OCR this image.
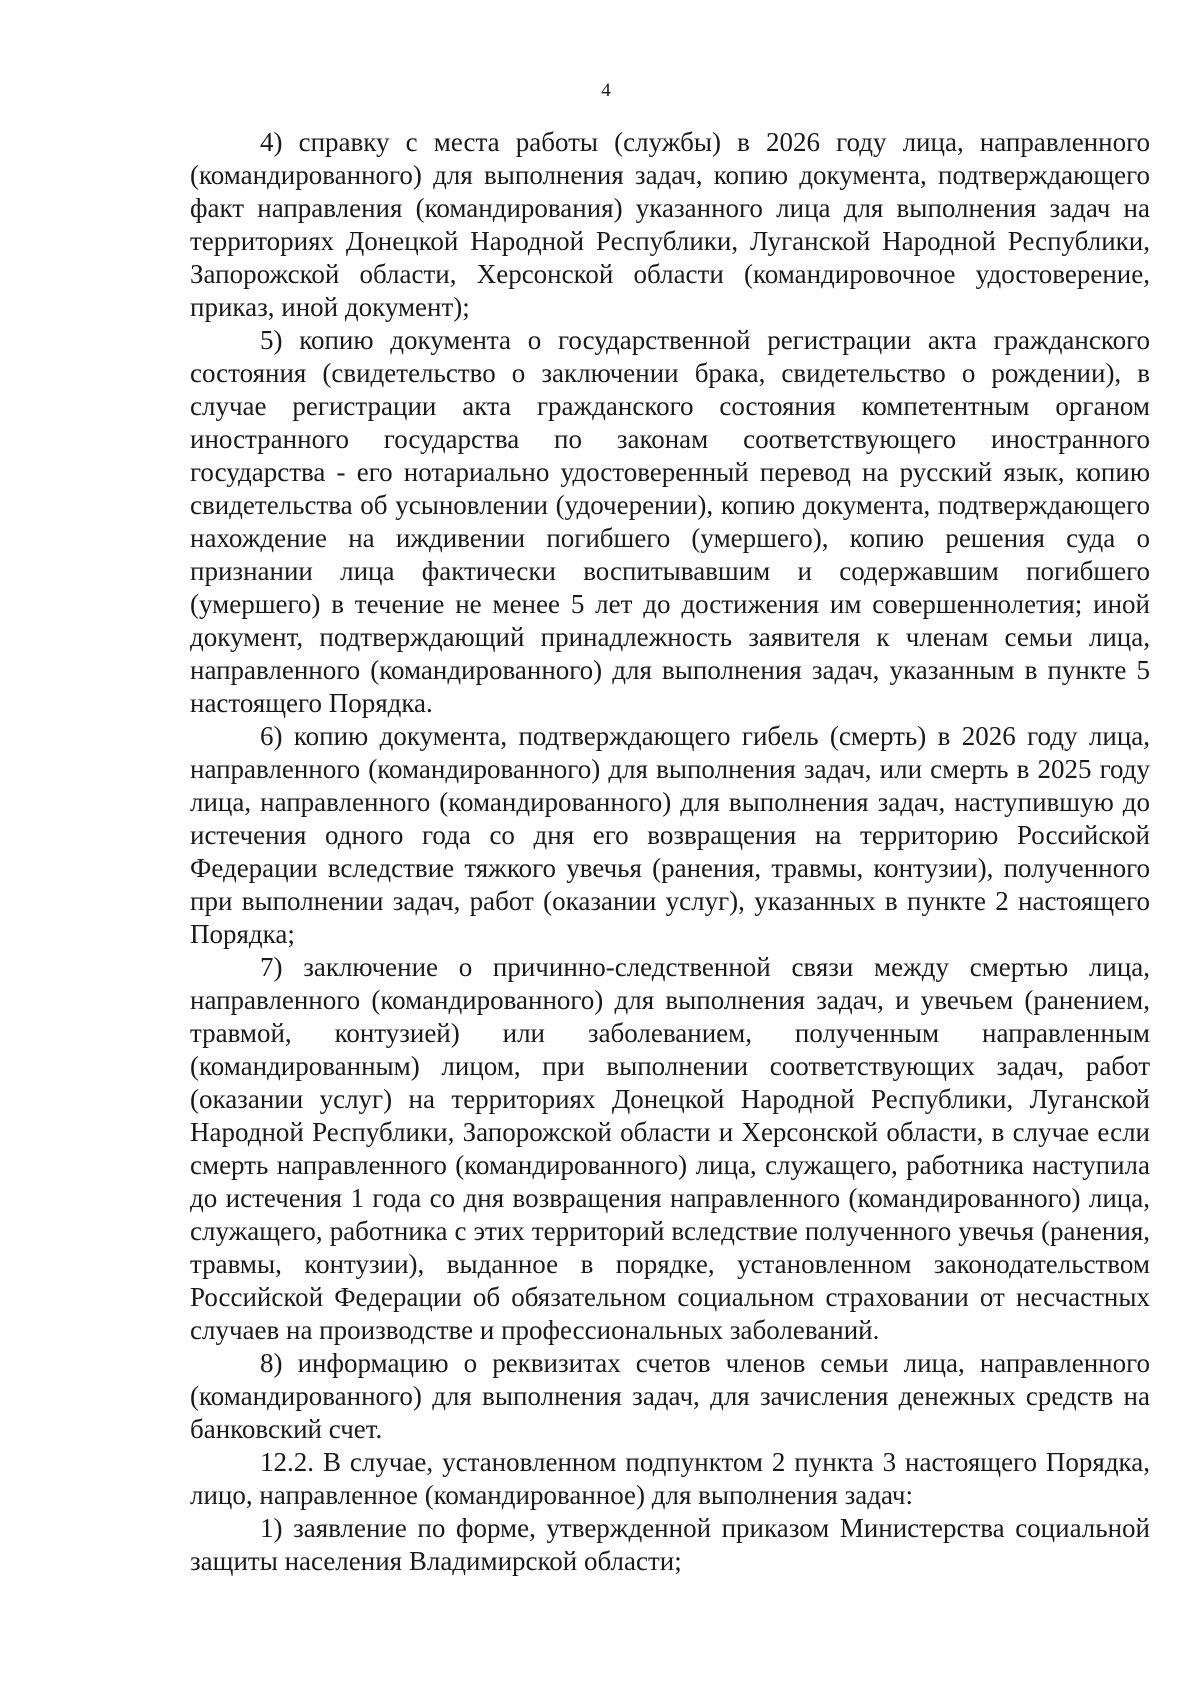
4

4) справку с места работы (службы) в 2026 году лица, направленного (командированного) для выполнения задач, копию документа, подтверждающего факт направления (командирования) указанного лица для выполнения задач на территориях Донецкой Народной Республики, Луганской Народной Республики, Запорожской области, Херсонской области (командировочное удостоверение, приказ, иной документ);

5) копию документа о государственной регистрации акта гражданского состояния (свидетельство о заключении брака, свидетельство о рождении), в случае регистрации акта гражданского состояния компетентным органом иностранного государства по законам соответствующего иностранного государства - его нотариально удостоверенный перевод на русский язык, копию свидетельства об усыновлении (удочерении), копию документа, подтверждающего нахождение на иждивении погибшего (умершего), копию решения суда о признании лица фактически воспитывавшим и содержавшим погибшего (умершего) в течение не менее 5 лет до достижения им совершеннолетия; иной документ, подтверждающий принадлежность заявителя к членам семьи лица, направленного (командированного) для выполнения задач, указанным в пункте 5 настоящего Порядка.

6) копию документа, подтверждающего гибель (смерть) в 2026 году лица, направленного (командированного) для выполнения задач, или смерть в 2025 году лица, направленного (командированного) для выполнения задач, наступившую до истечения одного года со дня его возвращения на территорию Российской Федерации вследствие тяжкого увечья (ранения, травмы, контузии), полученного при выполнении задач, работ (оказании услуг), указанных в пункте 2 настоящего Порядка;

7) заключение о причинно-следственной связи между смертью лица, направленного (командированного) для выполнения задач, и увечьем (ранением, травмой, контузией) или заболеванием, полученным направленным (командированным) лицом, при выполнении соответствующих задач, работ (оказании услуг) на территориях Донецкой Народной Республики, Луганской Народной Республики, Запорожской области и Херсонской области, в случае если смерть направленного (командированного) лица, служащего, работника наступила до истечения 1 года со дня возвращения направленного (командированного) лица, служащего, работника с этих территорий вследствие полученного увечья (ранения, травмы, контузии), выданное в порядке, установленном законодательством Российской Федерации об обязательном социальном страховании от несчастных случаев на производстве и профессиональных заболеваний.

8) информацию о реквизитах счетов членов семьи лица, направленного (командированного) для выполнения задач, для зачисления денежных средств на банковский счет.

12.2. В случае, установленном подпунктом 2 пункта 3 настоящего Порядка, лицо, направленное (командированное) для выполнения задач:

1) заявление по форме, утвержденной приказом Министерства социальной защиты населения Владимирской области;
